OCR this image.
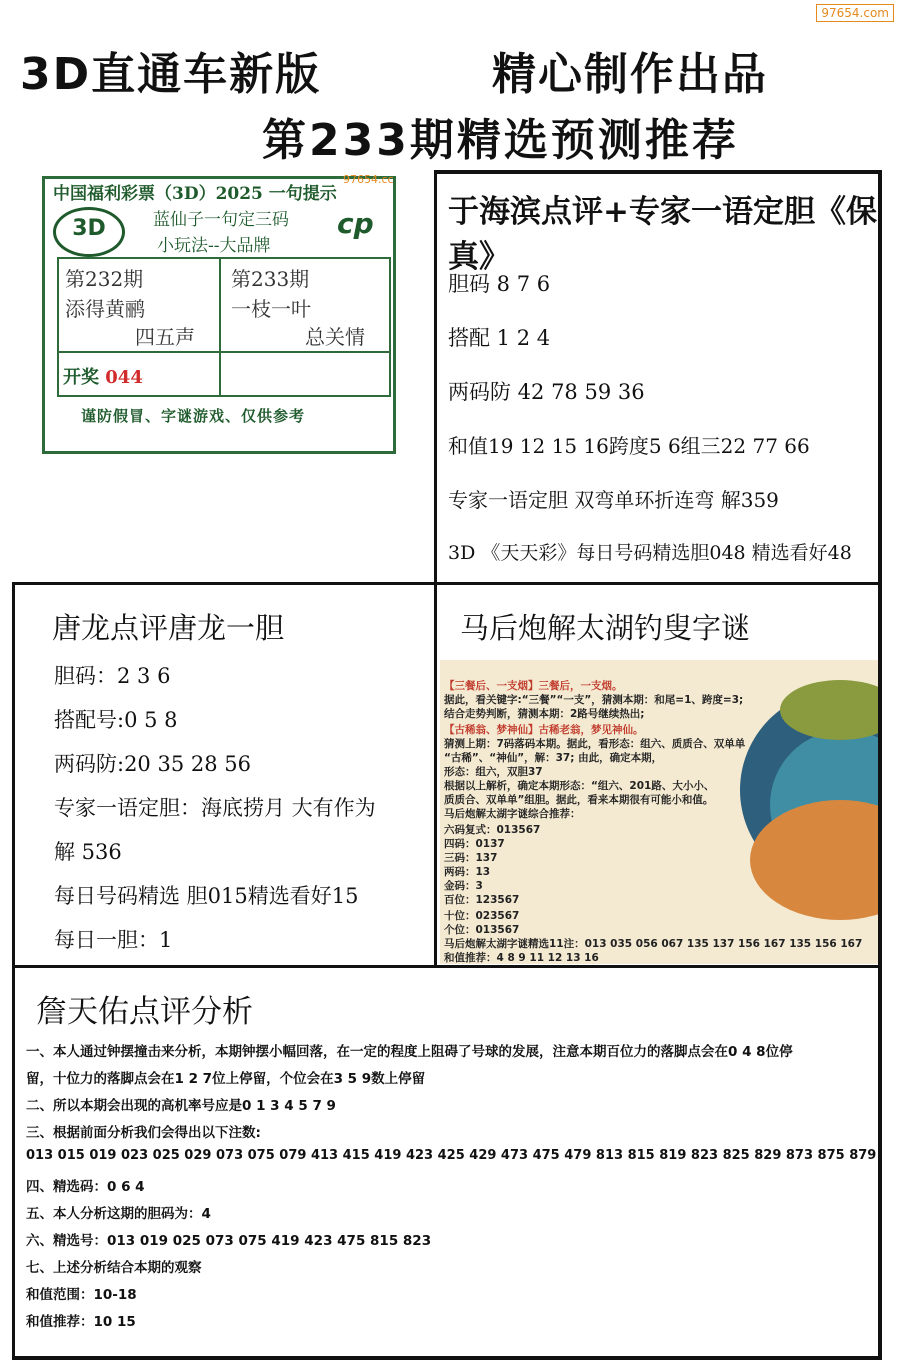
97654.com
3D直通车新版	精心制作出品
第233期精选预测推荐
中国福利彩票（3D）2025 一句提示
3D	蓝仙子一句定三码
小玩法--大品牌
cp
97654.cc
第232期
添得黄鹂
四五声
第233期
一枝一叶
总关情
开奖 044
谨防假冒、字谜游戏、仅供参考
于海滨点评+专家一语定胆《保真》
胆码 8 7 6
搭配 1 2 4
两码防 42 78 59 36
和值19 12 15 16跨度5 6组三22 77 66
专家一语定胆 双弯单环折连弯 解359
3D 《天天彩》每日号码精选胆048 精选看好48
唐龙点评唐龙一胆
胆码：2 3 6
搭配号:0 5 8
两码防:20 35 28 56
专家一语定胆：海底捞月 大有作为
解 536
每日号码精选 胆015精选看好15
每日一胆：1
马后炮解太湖钓叟字谜
【三餐后、一支烟】三餐后，一支烟。
据此，看关键字:“三餐”“一支”，猜测本期：和尾=1、跨度=3;
结合走势判断，猜测本期：2路号继续热出;
【古稀翁、梦神仙】古稀老翁，梦见神仙。
猜测上期：7码落码本期。据此，看形态：组六、质质合、双单单
“古稀”、“神仙”，解：37; 由此，确定本期，
形态：组六，双胆37
根据以上解析，确定本期形态：“组六、201路、大小小、
质质合、双单单”组胆。据此，看来本期很有可能小和值。
马后炮解太湖字谜综合推荐：
六码复式：013567
四码：0137
三码：137
两码：13
金码：3
百位：123567
十位：023567
个位：013567
马后炮解太湖字谜精选11注：013 035 056 067 135 137 156 167 135 156 167
和值推荐：4 8 9 11 12 13 16
詹天佑点评分析
一、本人通过钟摆撞击来分析，本期钟摆小幅回落，在一定的程度上阻碍了号球的发展，注意本期百位力的落脚点会在0 4 8位停
留，十位力的落脚点会在1 2 7位上停留，个位会在3 5 9数上停留
二、所以本期会出现的高机率号应是0 1 3 4 5 7 9
三、根据前面分析我们会得出以下注数:
013 015 019 023 025 029 073 075 079 413 415 419 423 425 429 473 475 479 813 815 819 823 825 829 873 875 879
四、精选码：0 6 4
五、本人分析这期的胆码为：4
六、精选号：013 019 025 073 075 419 423 475 815 823
七、上述分析结合本期的观察
和值范围：10-18
和值推荐：10 15
